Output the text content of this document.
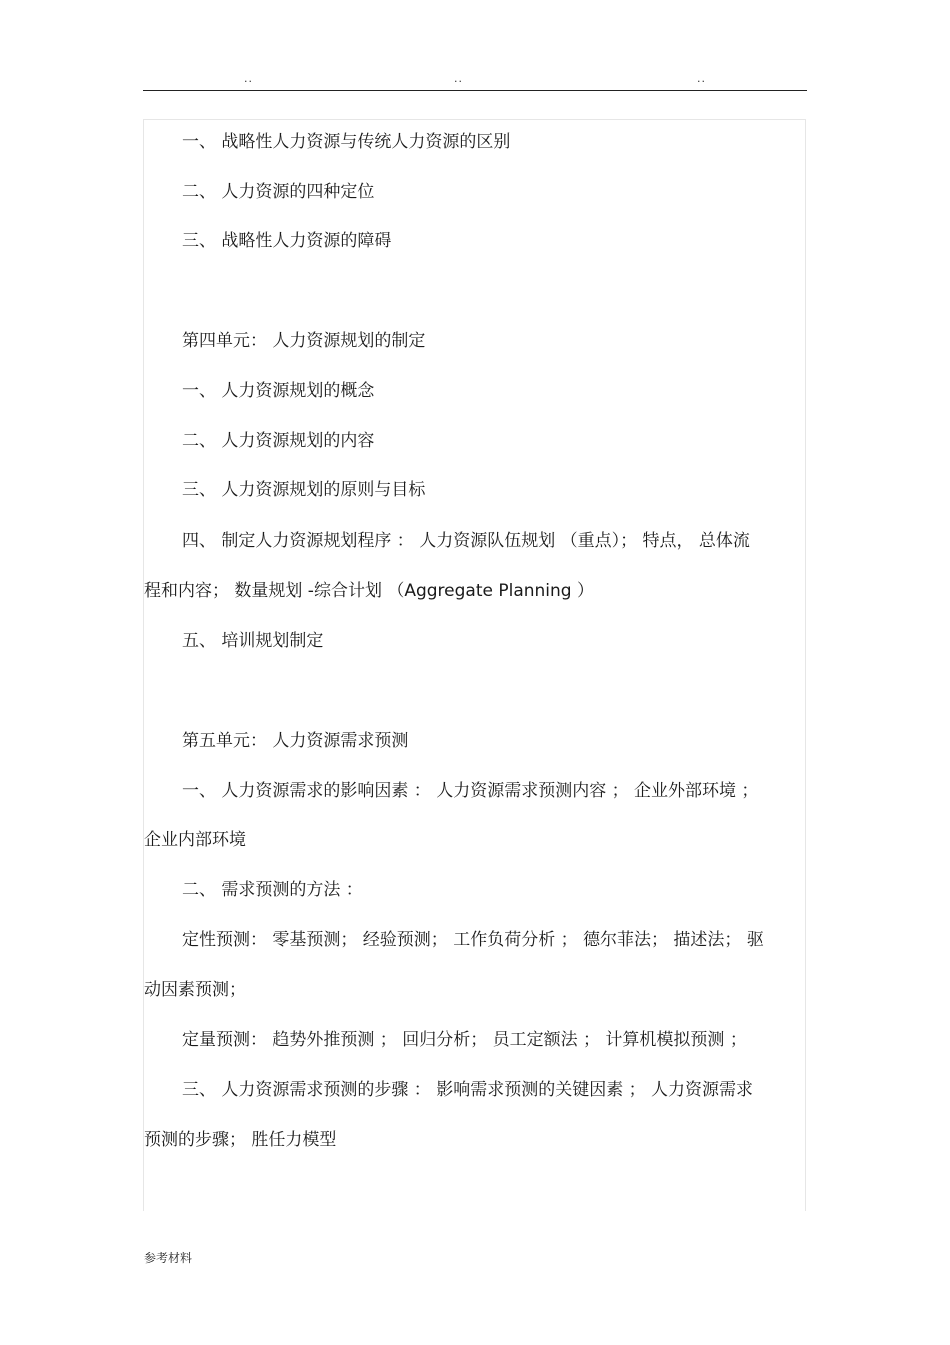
..	..	..
一、 战略性人力资源与传统人力资源的区别
二、 人力资源的四种定位
三、 战略性人力资源的障碍
第四单元： 人力资源规划的制定
一、 人力资源规划的概念
二、 人力资源规划的内容
三、 人力资源规划的原则与目标
四、 制定人力资源规划程序 ： 人力资源队伍规划 （重点）； 特点， 总体流
程和内容； 数量规划 -综合计划 （Aggregate Planning ）
五、 培训规划制定
第五单元： 人力资源需求预测
一、 人力资源需求的影响因素 ： 人力资源需求预测内容 ； 企业外部环境 ；
企业内部环境
二、 需求预测的方法 ：
定性预测： 零基预测； 经验预测； 工作负荷分析 ； 德尔菲法； 描述法； 驱
动因素预测；
定量预测： 趋势外推预测 ； 回归分析； 员工定额法 ； 计算机模拟预测 ；
三、 人力资源需求预测的步骤 ： 影响需求预测的关键因素 ； 人力资源需求
预测的步骤； 胜任力模型
参考材料
